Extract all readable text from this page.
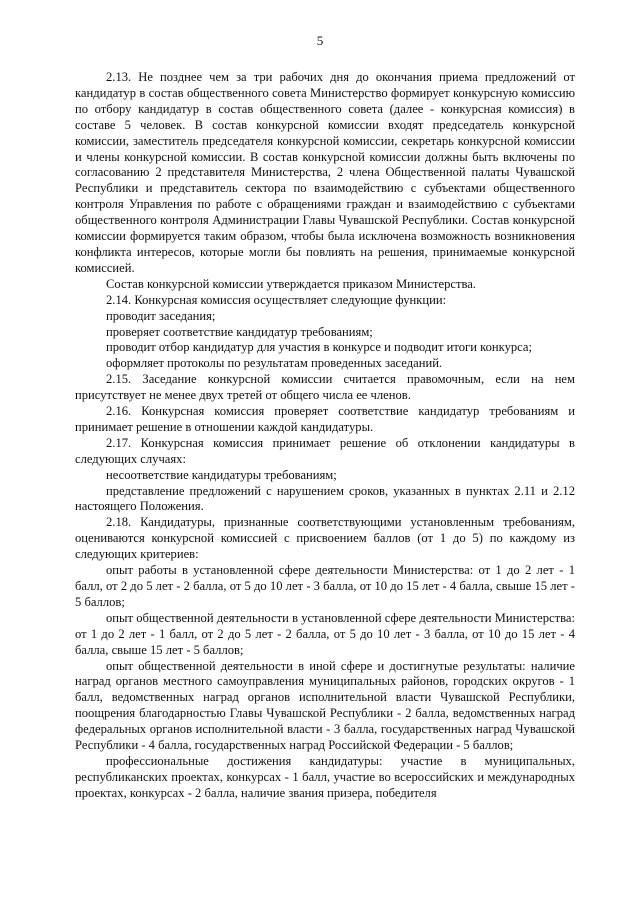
5

2.13. Не позднее чем за три рабочих дня до окончания приема предложений от кандидатур в состав общественного совета Министерство формирует конкурсную комиссию по отбору кандидатур в состав общественного совета (далее - конкурсная комиссия) в составе 5 человек. В состав конкурсной комиссии входят председатель конкурсной комиссии, заместитель председателя конкурсной комиссии, секретарь конкурсной комиссии и члены конкурсной комиссии. В состав конкурсной комиссии должны быть включены по согласованию 2 представителя Министерства, 2 члена Общественной палаты Чувашской Республики и представитель сектора по взаимодействию с субъектами общественного контроля Управления по работе с обращениями граждан и взаимодействию с субъектами общественного контроля Администрации Главы Чувашской Республики. Состав конкурсной комиссии формируется таким образом, чтобы была исключена возможность возникновения конфликта интересов, которые могли бы повлиять на решения, принимаемые конкурсной комиссией.

Состав конкурсной комиссии утверждается приказом Министерства.

2.14. Конкурсная комиссия осуществляет следующие функции:

проводит заседания;

проверяет соответствие кандидатур требованиям;

проводит отбор кандидатур для участия в конкурсе и подводит итоги конкурса;

оформляет протоколы по результатам проведенных заседаний.

2.15. Заседание конкурсной комиссии считается правомочным, если на нем присутствует не менее двух третей от общего числа ее членов.

2.16. Конкурсная комиссия проверяет соответствие кандидатур требованиям и принимает решение в отношении каждой кандидатуры.

2.17. Конкурсная комиссия принимает решение об отклонении кандидатуры в следующих случаях:

несоответствие кандидатуры требованиям;

представление предложений с нарушением сроков, указанных в пунктах 2.11 и 2.12 настоящего Положения.

2.18. Кандидатуры, признанные соответствующими установленным требованиям, оцениваются конкурсной комиссией с присвоением баллов (от 1 до 5) по каждому из следующих критериев:

опыт работы в установленной сфере деятельности Министерства: от 1 до 2 лет - 1 балл, от 2 до 5 лет - 2 балла, от 5 до 10 лет - 3 балла, от 10 до 15 лет - 4 балла, свыше 15 лет - 5 баллов;

опыт общественной деятельности в установленной сфере деятельности Министерства: от 1 до 2 лет - 1 балл, от 2 до 5 лет - 2 балла, от 5 до 10 лет - 3 балла, от 10 до 15 лет - 4 балла, свыше 15 лет - 5 баллов;

опыт общественной деятельности в иной сфере и достигнутые результаты: наличие наград органов местного самоуправления муниципальных районов, городских округов - 1 балл, ведомственных наград органов исполнительной власти Чувашской Республики, поощрения благодарностью Главы Чувашской Республики - 2 балла, ведомственных наград федеральных органов исполнительной власти - 3 балла, государственных наград Чувашской Республики - 4 балла, государственных наград Российской Федерации - 5 баллов;

профессиональные достижения кандидатуры: участие в муниципальных, республиканских проектах, конкурсах - 1 балл, участие во всероссийских и международных проектах, конкурсах - 2 балла, наличие звания призера, победителя
